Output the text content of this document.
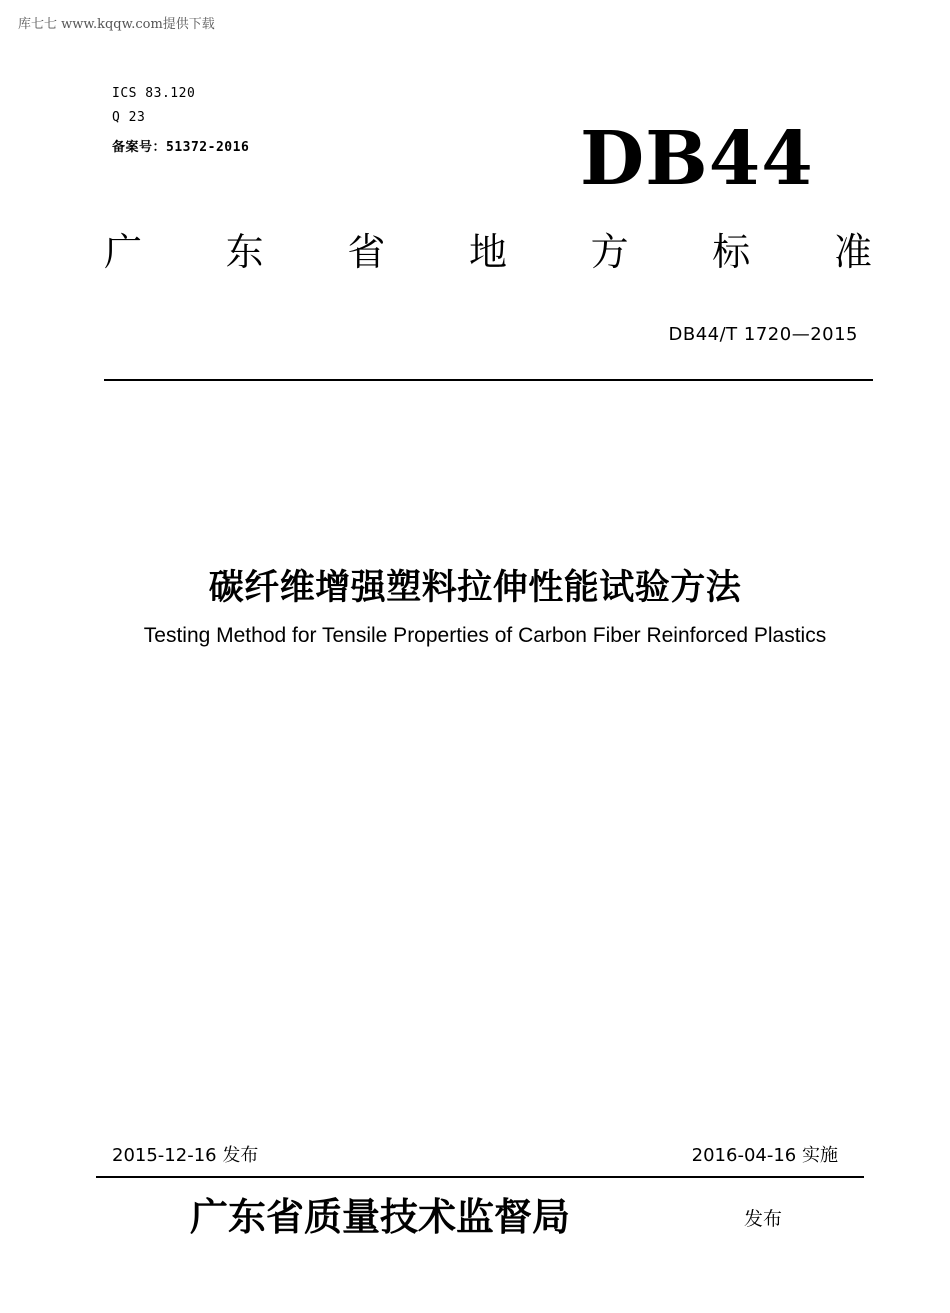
库七七 www.kqqw.com提供下载
ICS 83.120
Q 23
备案号：51372-2016	DB44
广 东 省 地 方 标 准
DB44/T 1720—2015
碳纤维增强塑料拉伸性能试验方法
Testing Method for Tensile Properties of Carbon Fiber Reinforced Plastics
2015-12-16 发布	2016-04-16 实施
广东省质量技术监督局	发布
